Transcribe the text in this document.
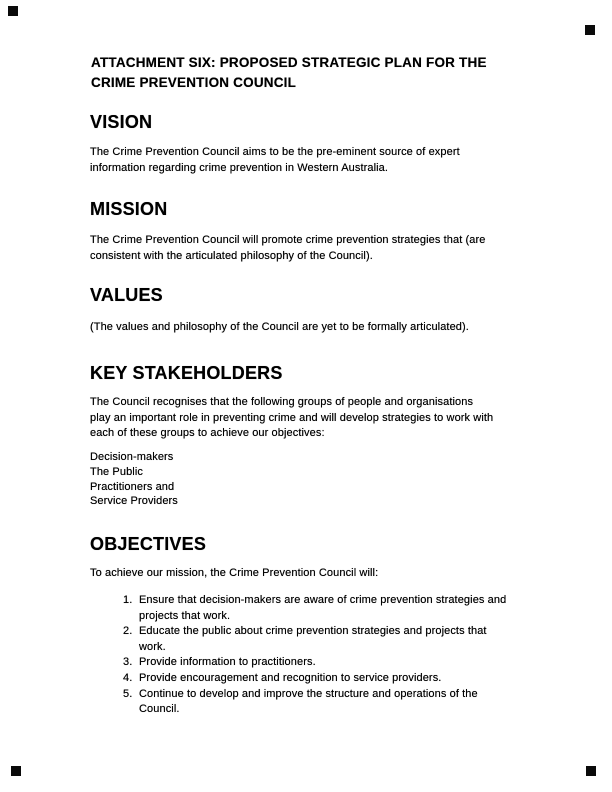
ATTACHMENT SIX: PROPOSED STRATEGIC PLAN FOR THE
CRIME PREVENTION COUNCIL
VISION
The Crime Prevention Council aims to be the pre-eminent source of expert
information regarding crime prevention in Western Australia.
MISSION
The Crime Prevention Council will promote crime prevention strategies that (are
consistent with the articulated philosophy of the Council).
VALUES
(The values and philosophy of the Council are yet to be formally articulated).
KEY STAKEHOLDERS
The Council recognises that the following groups of people and organisations
play an important role in preventing crime and will develop strategies to work with
each of these groups to achieve our objectives:
Decision-makers
The Public
Practitioners and
Service Providers
OBJECTIVES
To achieve our mission, the Crime Prevention Council will:
1. Ensure that decision-makers are aware of crime prevention strategies and
projects that work.
2. Educate the public about crime prevention strategies and projects that
work.
3. Provide information to practitioners.
4. Provide encouragement and recognition to service providers.
5. Continue to develop and improve the structure and operations of the
Council.
